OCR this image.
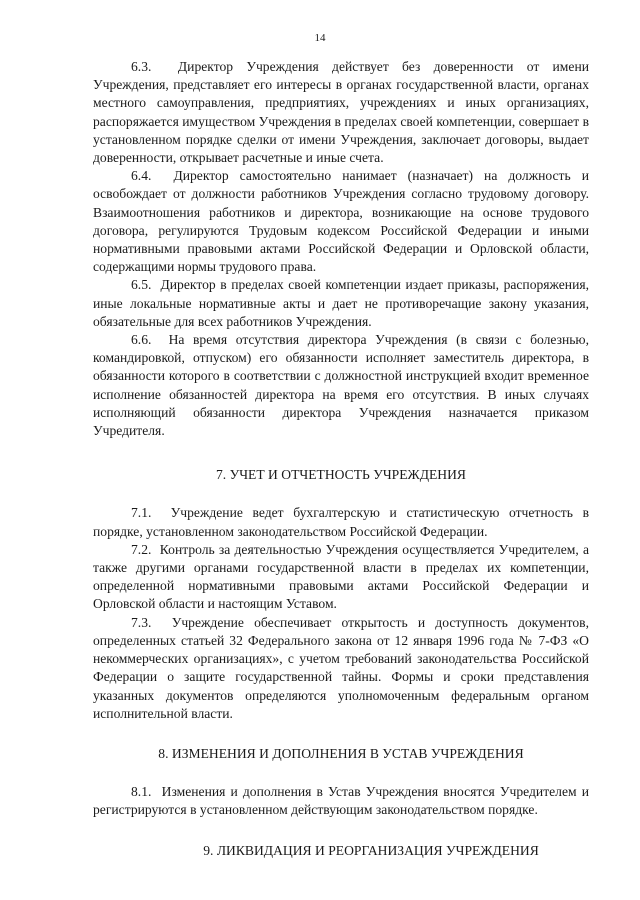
14

6.3.  Директор Учреждения действует без доверенности от имени Учреждения, представляет его интересы в органах государственной власти, органах местного самоуправления, предприятиях, учреждениях и иных организациях, распоряжается имуществом Учреждения в пределах своей компетенции, совершает в установленном порядке сделки от имени Учреждения, заключает договоры, выдает доверенности, открывает расчетные и иные счета.

6.4.  Директор самостоятельно нанимает (назначает) на должность и освобождает от должности работников Учреждения согласно трудовому договору. Взаимоотношения работников и директора, возникающие на основе трудового договора, регулируются Трудовым кодексом Российской Федерации и иными нормативными правовыми актами Российской Федерации и Орловской области, содержащими нормы трудового права.

6.5.  Директор в пределах своей компетенции издает приказы, распоряжения, иные локальные нормативные акты и дает не противоречащие закону указания, обязательные для всех работников Учреждения.

6.6.  На время отсутствия директора Учреждения (в связи с болезнью, командировкой, отпуском) его обязанности исполняет заместитель директора, в обязанности которого в соответствии с должностной инструкцией входит временное исполнение обязанностей директора на время его отсутствия. В иных случаях исполняющий обязанности директора Учреждения назначается приказом Учредителя.

7. УЧЕТ И ОТЧЕТНОСТЬ УЧРЕЖДЕНИЯ

7.1.  Учреждение ведет бухгалтерскую и статистическую отчетность в порядке, установленном законодательством Российской Федерации.

7.2.  Контроль за деятельностью Учреждения осуществляется Учредителем, а также другими органами государственной власти в пределах их компетенции, определенной нормативными правовыми актами Российской Федерации и Орловской области и настоящим Уставом.

7.3.  Учреждение обеспечивает открытость и доступность документов, определенных статьей 32 Федерального закона от 12 января 1996 года № 7-ФЗ «О некоммерческих организациях», с учетом требований законодательства Российской Федерации о защите государственной тайны. Формы и сроки представления указанных документов определяются уполномоченным федеральным органом исполнительной власти.

8. ИЗМЕНЕНИЯ И ДОПОЛНЕНИЯ В УСТАВ УЧРЕЖДЕНИЯ

8.1.  Изменения и дополнения в Устав Учреждения вносятся Учредителем и регистрируются в установленном действующим законодательством порядке.

9. ЛИКВИДАЦИЯ И РЕОРГАНИЗАЦИЯ УЧРЕЖДЕНИЯ
